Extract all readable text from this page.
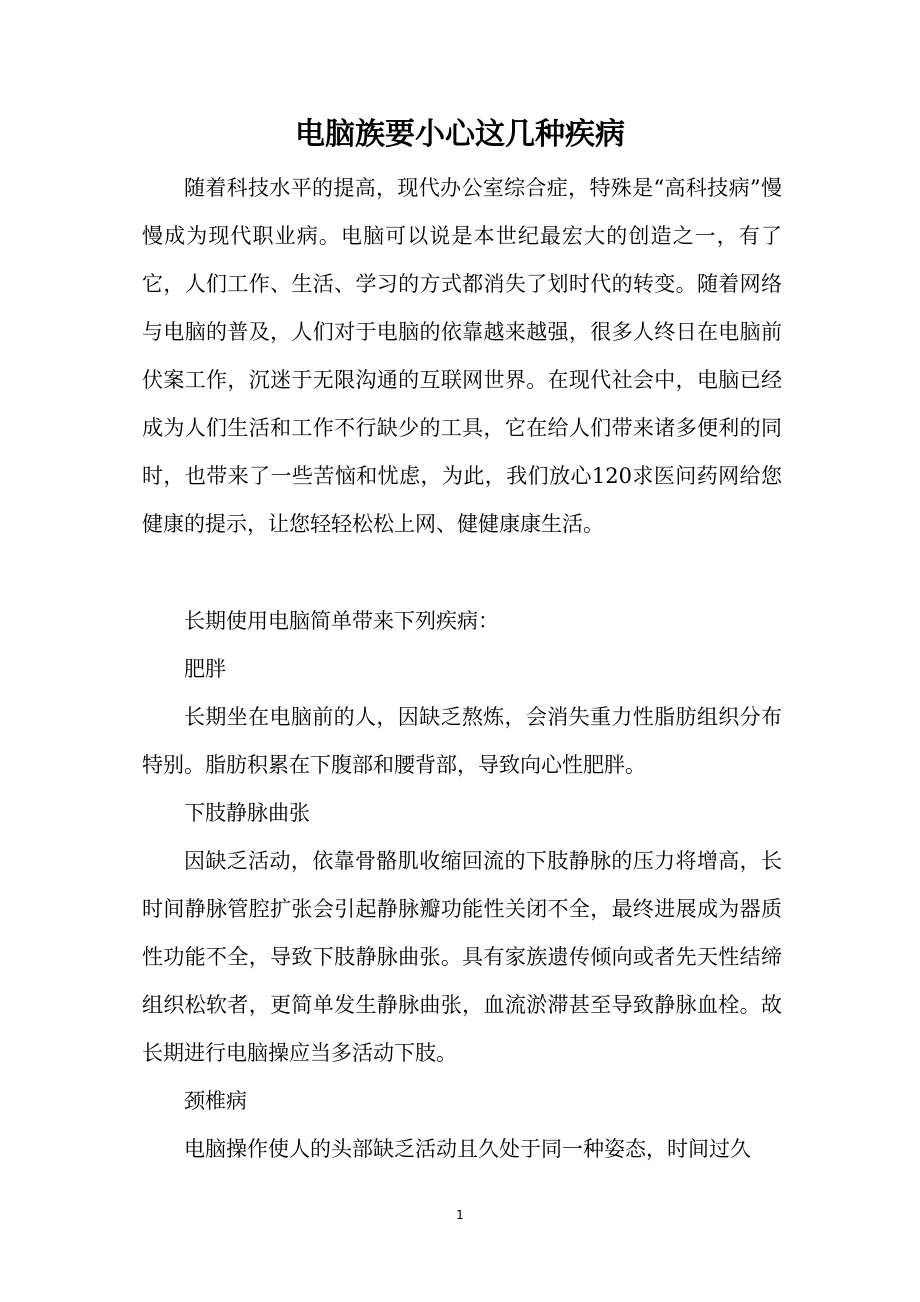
电脑族要小心这几种疾病

随着科技水平的提高，现代办公室综合症，特殊是“高科技病”慢慢成为现代职业病。电脑可以说是本世纪最宏大的创造之一，有了它，人们工作、生活、学习的方式都消失了划时代的转变。随着网络与电脑的普及，人们对于电脑的依靠越来越强，很多人终日在电脑前伏案工作，沉迷于无限沟通的互联网世界。在现代社会中，电脑已经成为人们生活和工作不行缺少的工具，它在给人们带来诸多便利的同时，也带来了一些苦恼和忧虑，为此，我们放心120求医问药网给您健康的提示，让您轻轻松松上网、健健康康生活。

长期使用电脑简单带来下列疾病：

肥胖

长期坐在电脑前的人，因缺乏熬炼，会消失重力性脂肪组织分布特别。脂肪积累在下腹部和腰背部，导致向心性肥胖。

下肢静脉曲张

因缺乏活动，依靠骨骼肌收缩回流的下肢静脉的压力将增高，长时间静脉管腔扩张会引起静脉瓣功能性关闭不全，最终进展成为器质性功能不全，导致下肢静脉曲张。具有家族遗传倾向或者先天性结缔组织松软者，更简单发生静脉曲张，血流淤滞甚至导致静脉血栓。故长期进行电脑操应当多活动下肢。

颈椎病

电脑操作使人的头部缺乏活动且久处于同一种姿态，时间过久

1
